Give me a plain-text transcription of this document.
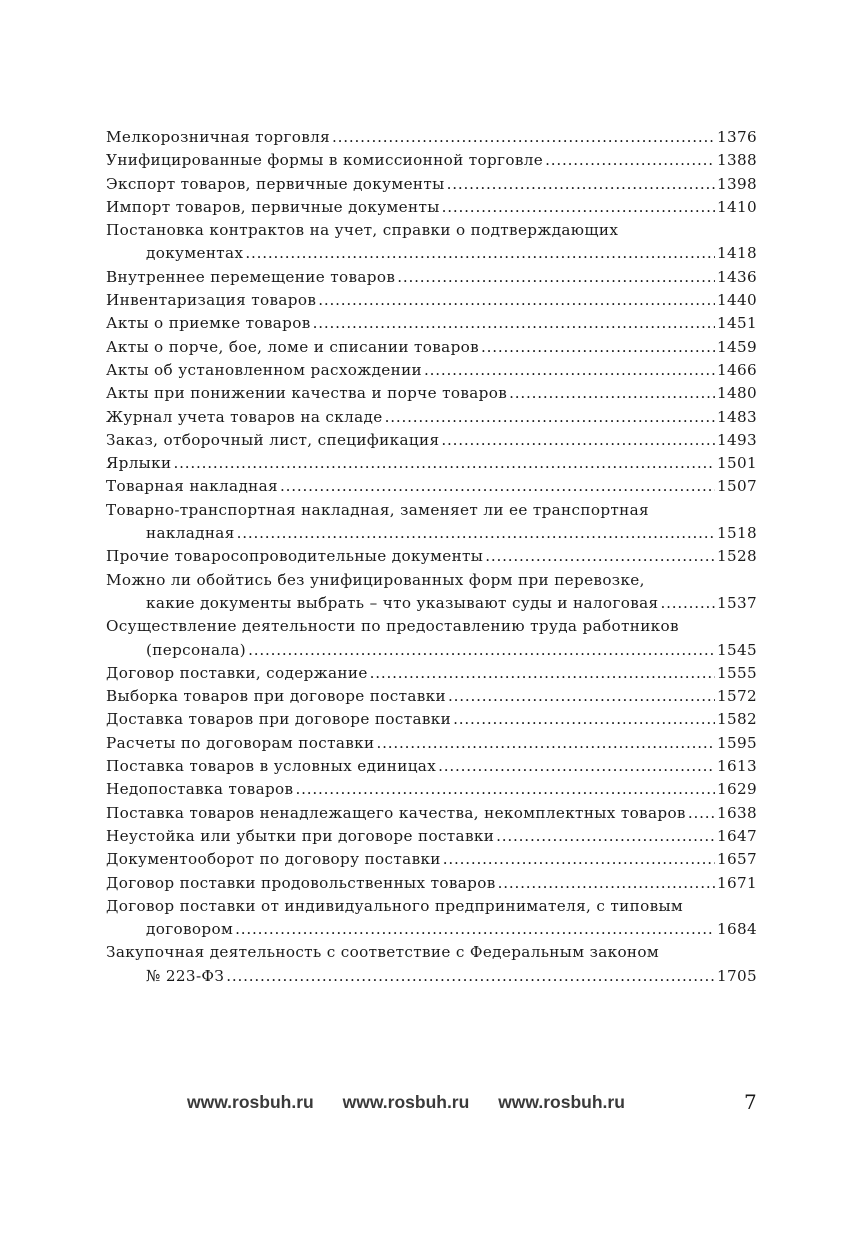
Мелкорозничная торговля .....	1376
Унифицированные формы в комиссионной торговле .....	1388
Экспорт товаров, первичные документы .....	1398
Импорт товаров, первичные документы .....	1410
Постановка контрактов на учет, справки о подтверждающих
документах .....	1418
Внутреннее перемещение товаров .....	1436
Инвентаризация товаров .....	1440
Акты о приемке товаров .....	1451
Акты о порче, бое, ломе и списании товаров .....	1459
Акты об установленном расхождении .....	1466
Акты при понижении качества и порче товаров .....	1480
Журнал учета товаров на складе .....	1483
Заказ, отборочный лист, спецификация .....	1493
Ярлыки .....	1501
Товарная накладная .....	1507
Товарно-транспортная накладная, заменяет ли ее транспортная
накладная .....	1518
Прочие товаросопроводительные документы .....	1528
Можно ли обойтись без унифицированных форм при перевозке,
какие документы выбрать – что указывают суды и налоговая .....	1537
Осуществление деятельности по предоставлению труда работников
(персонала) .....	1545
Договор поставки, содержание .....	1555
Выборка товаров при договоре поставки .....	1572
Доставка товаров при договоре поставки .....	1582
Расчеты по договорам поставки .....	1595
Поставка товаров в условных единицах .....	1613
Недопоставка товаров .....	1629
Поставка товаров ненадлежащего качества, некомплектных товаров ..... 1638
Неустойка или убытки при договоре поставки .....	1647
Документооборот по договору поставки .....	1657
Договор поставки продовольственных товаров .....	1671
Договор поставки от индивидуального предпринимателя, с типовым
договором .....	1684
Закупочная деятельность с соответствие с Федеральным законом
№ 223-ФЗ .....	1705
www.rosbuh.ru www.rosbuh.ru www.rosbuh.ru	7
